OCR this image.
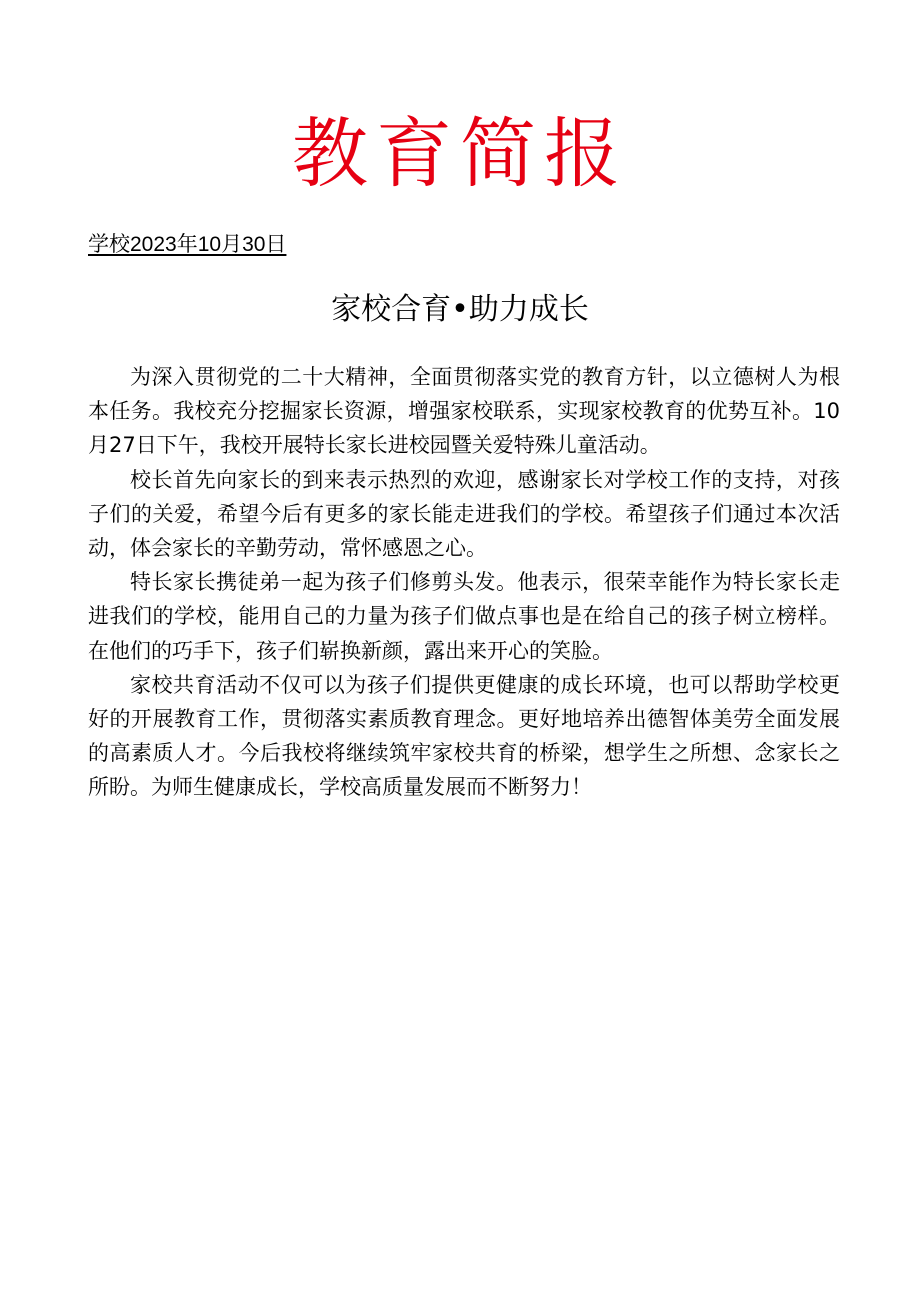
教育简报
学校2023年10月30日
家校合育•助力成长

为深入贯彻党的二十大精神，全面贯彻落实党的教育方针，以立德树人为根本任务。我校充分挖掘家长资源，增强家校联系，实现家校教育的优势互补。10月27日下午，我校开展特长家长进校园暨关爱特殊儿童活动。

校长首先向家长的到来表示热烈的欢迎，感谢家长对学校工作的支持，对孩子们的关爱，希望今后有更多的家长能走进我们的学校。希望孩子们通过本次活动，体会家长的辛勤劳动，常怀感恩之心。

特长家长携徒弟一起为孩子们修剪头发。他表示，很荣幸能作为特长家长走进我们的学校，能用自己的力量为孩子们做点事也是在给自己的孩子树立榜样。在他们的巧手下，孩子们崭换新颜，露出来开心的笑脸。

家校共育活动不仅可以为孩子们提供更健康的成长环境，也可以帮助学校更好的开展教育工作，贯彻落实素质教育理念。更好地培养出德智体美劳全面发展的高素质人才。今后我校将继续筑牢家校共育的桥梁，想学生之所想、念家长之所盼。为师生健康成长，学校高质量发展而不断努力！
